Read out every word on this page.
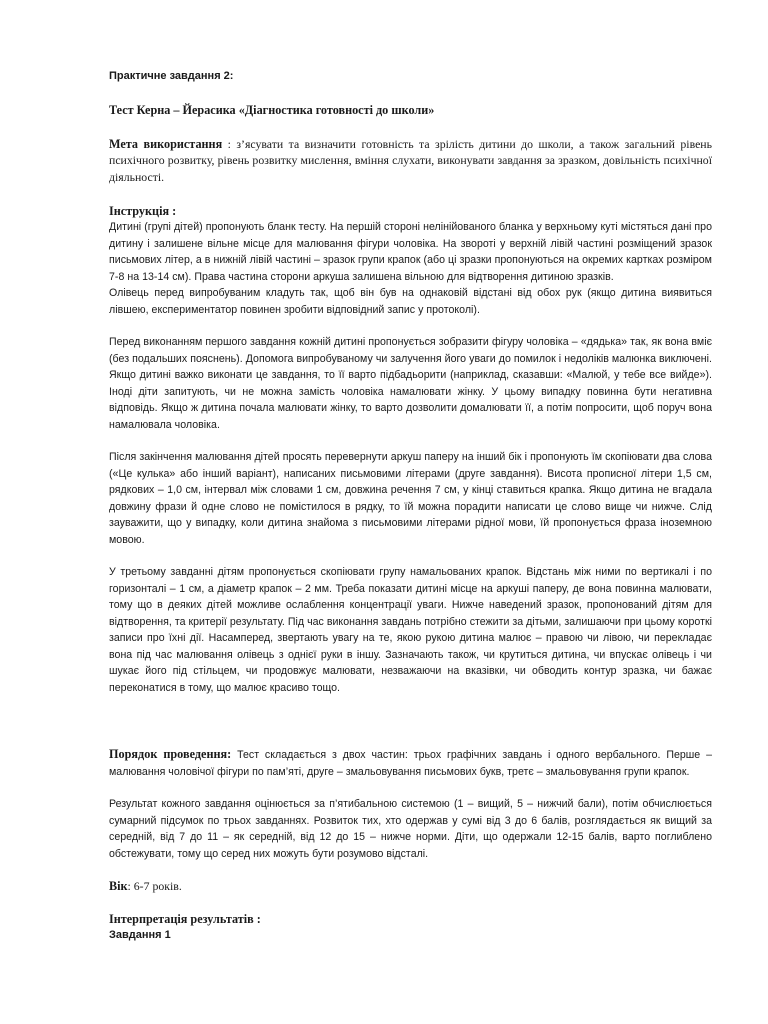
Практичне завдання 2:

Тест Керна – Йерасика «Діагностика готовності до школи»

Мета використання : з’ясувати та визначити готовність та зрілість дитини до школи, а також загальний рівень психічного розвитку, рівень розвитку мислення, вміння слухати, виконувати завдання за зразком, довільність психічної діяльності.

Інструкція :

Дитині (групі дітей) пропонують бланк тесту. На першій стороні нелінійованого бланка у верхньому куті містяться дані про дитину і залишене вільне місце для малювання фігури чоловіка. На звороті у верхній лівій частині розміщений зразок письмових літер, а в нижній лівій частині – зразок групи крапок (або ці зразки пропонуються на окремих картках розміром 7-8 на 13-14 см). Права частина сторони аркуша залишена вільною для відтворення дитиною зразків.

Олівець перед випробуваним кладуть так, щоб він був на однаковій відстані від обох рук (якщо дитина виявиться лівшею, експериментатор повинен зробити відповідний запис у протоколі).

Перед виконанням першого завдання кожній дитині пропонується зобразити фігуру чоловіка – «дядька» так, як вона вміє (без подальших пояснень). Допомога випробуваному чи залучення його уваги до помилок і недоліків малюнка виключені. Якщо дитині важко виконати це завдання, то її варто підбадьорити (наприклад, сказавши: «Малюй, у тебе все вийде»). Іноді діти запитують, чи не можна замість чоловіка намалювати жінку. У цьому випадку повинна бути негативна відповідь. Якщо ж дитина почала малювати жінку, то варто дозволити домалювати її, а потім попросити, щоб поруч вона намалювала чоловіка.

Після закінчення малювання дітей просять перевернути аркуш паперу на інший бік і пропонують їм скопіювати два слова («Це кулька» або інший варіант), написаних письмовими літерами (друге завдання). Висота прописної літери 1,5 см, рядкових – 1,0 см, інтервал між словами 1 см, довжина речення 7 см, у кінці ставиться крапка. Якщо дитина не вгадала довжину фрази й одне слово не помістилося в рядку, то їй можна порадити написати це слово вище чи нижче. Слід зауважити, що у випадку, коли дитина знайома з письмовими літерами рідної мови, їй пропонується фраза іноземною мовою.

У третьому завданні дітям пропонується скопіювати групу намальованих крапок. Відстань між ними по вертикалі і по горизонталі – 1 см, а діаметр крапок – 2 мм. Треба показати дитині місце на аркуші паперу, де вона повинна малювати, тому що в деяких дітей можливе ослаблення концентрації уваги. Нижче наведений зразок, пропонований дітям для відтворення, та критерії результату. Під час виконання завдань потрібно стежити за дітьми, залишаючи при цьому короткі записи про їхні дії. Насамперед, звертають увагу на те, якою рукою дитина малює – правою чи лівою, чи перекладає вона під час малювання олівець з однієї руки в іншу. Зазначають також, чи крутиться дитина, чи впускає олівець і чи шукає його під стільцем, чи продовжує малювати, незважаючи на вказівки, чи обводить контур зразка, чи бажає переконатися в тому, що малює красиво тощо.

Порядок проведення: Тест складається з двох частин: трьох графічних завдань і одного вербального. Перше – малювання чоловічої фігури по пам’яті, друге – змальовування письмових букв, третє – змальовування групи крапок.

Результат кожного завдання оцінюється за п’ятибальною системою (1 – вищий, 5 – нижчий бали), потім обчислюється сумарний підсумок по трьох завданнях. Розвиток тих, хто одержав у сумі від 3 до 6 балів, розглядається як вищий за середній, від 7 до 11 – як середній, від 12 до 15 – нижче норми. Діти, що одержали 12-15 балів, варто поглиблено обстежувати, тому що серед них можуть бути розумово відсталі.

Вік: 6-7 років.

Інтерпретація результатів :

Завдання 1
